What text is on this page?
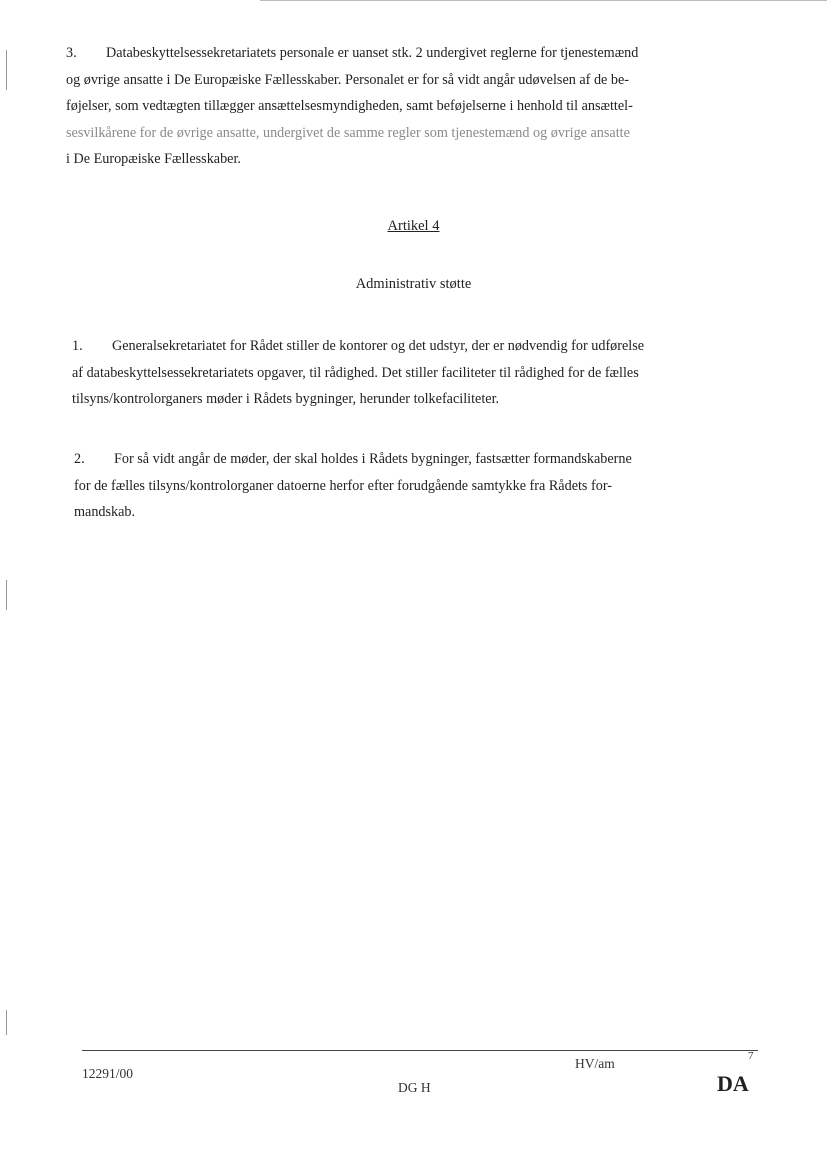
3. Databeskyttelsessekretariatets personale er uanset stk. 2 undergivet reglerne for tjenestemænd
og øvrige ansatte i De Europæiske Fællesskaber. Personalet er for så vidt angår udøvelsen af de be-
føjelser, som vedtægten tillægger ansættelsesmyndigheden, samt beføjelserne i henhold til ansættel-
sesvilkårene for de øvrige ansatte, undergivet de samme regler som tjenestemænd og øvrige ansatte
i De Europæiske Fællesskaber.
Artikel 4
Administrativ støtte
1. Generalsekretariatet for Rådet stiller de kontorer og det udstyr, der er nødvendig for udførelse
af databeskyttelsessekretariatets opgaver, til rådighed. Det stiller faciliteter til rådighed for de fælles
tilsyns/kontrolorganers møder i Rådets bygninger, herunder tolkefaciliteter.
2. For så vidt angår de møder, der skal holdes i Rådets bygninger, fastsætter formandskaberne
for de fælles tilsyns/kontrolorganer datoerne herfor efter forudgående samtykke fra Rådets for-
mandskab.
12291/00
HV/am	7
DG H	DA
